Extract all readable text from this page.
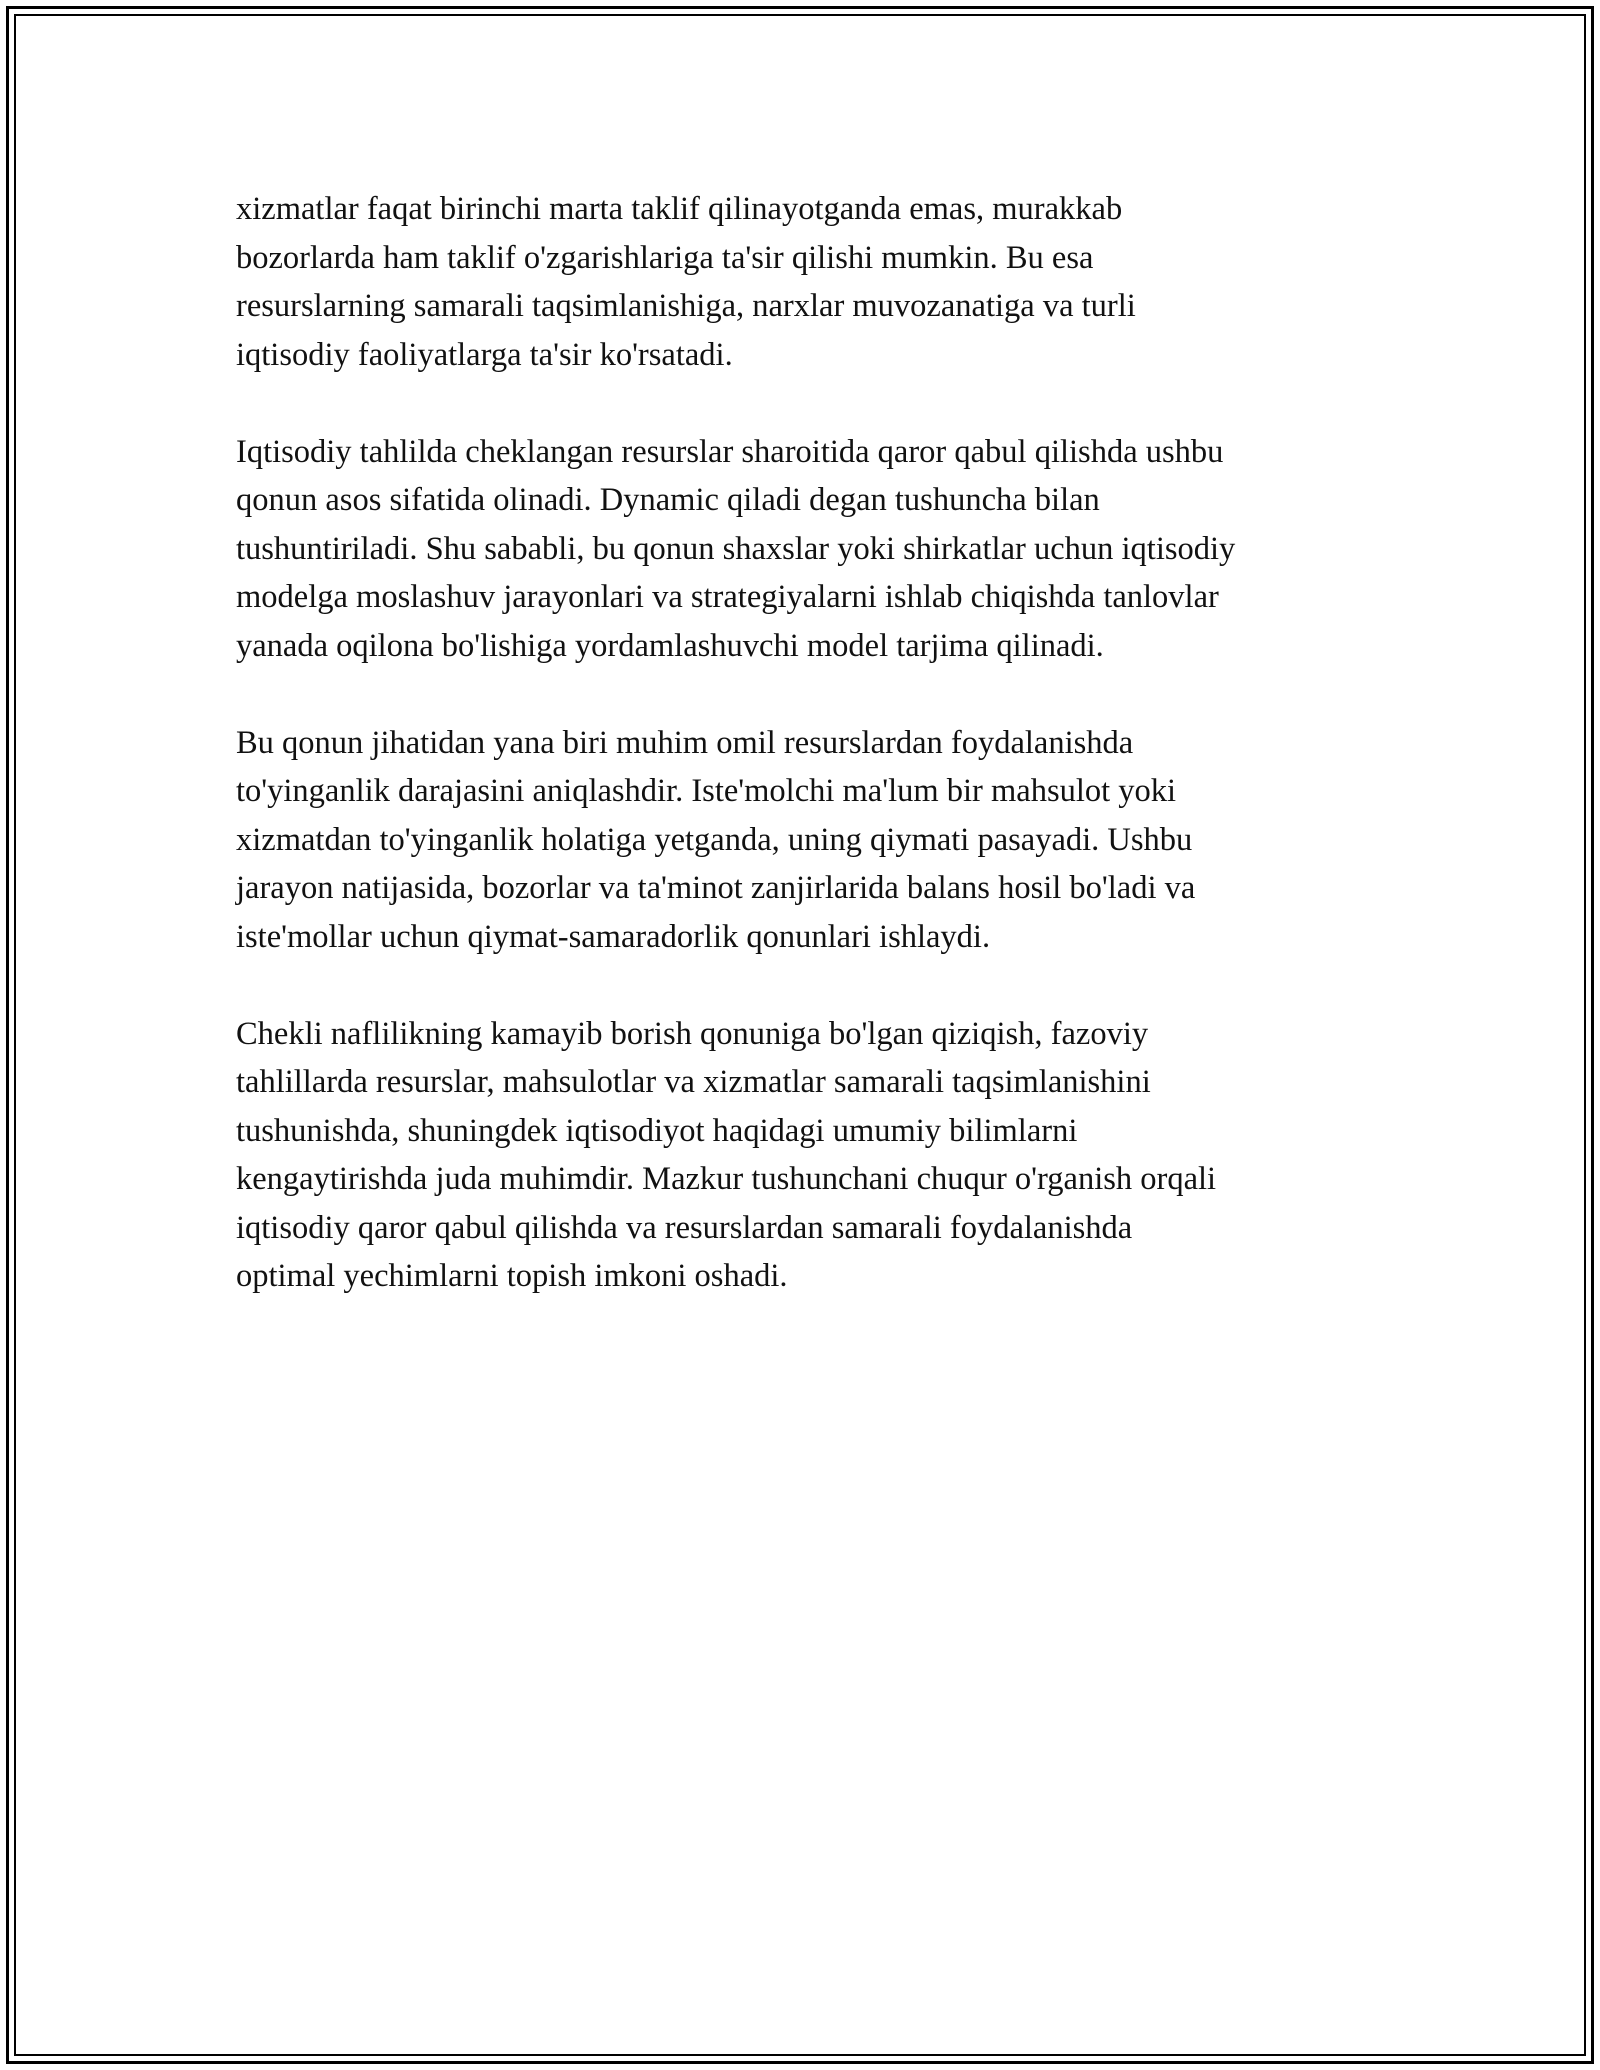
xizmatlar faqat birinchi marta taklif qilinayotganda emas, murakkab
bozorlarda ham taklif o'zgarishlariga ta'sir qilishi mumkin. Bu esa
resurslarning samarali taqsimlanishiga, narxlar muvozanatiga va turli
iqtisodiy faoliyatlarga ta'sir ko'rsatadi.

Iqtisodiy tahlilda cheklangan resurslar sharoitida qaror qabul qilishda ushbu
qonun asos sifatida olinadi. Dynamic qiladi degan tushuncha bilan
tushuntiriladi. Shu sababli, bu qonun shaxslar yoki shirkatlar uchun iqtisodiy
modelga moslashuv jarayonlari va strategiyalarni ishlab chiqishda tanlovlar
yanada oqilona bo'lishiga yordamlashuvchi model tarjima qilinadi.

Bu qonun jihatidan yana biri muhim omil resurslardan foydalanishda
to'yinganlik darajasini aniqlashdir. Iste'molchi ma'lum bir mahsulot yoki
xizmatdan to'yinganlik holatiga yetganda, uning qiymati pasayadi. Ushbu
jarayon natijasida, bozorlar va ta'minot zanjirlarida balans hosil bo'ladi va
iste'mollar uchun qiymat-samaradorlik qonunlari ishlaydi.

Chekli naflilikning kamayib borish qonuniga bo'lgan qiziqish, fazoviy
tahlillarda resurslar, mahsulotlar va xizmatlar samarali taqsimlanishini
tushunishda, shuningdek iqtisodiyot haqidagi umumiy bilimlarni
kengaytirishda juda muhimdir. Mazkur tushunchani chuqur o'rganish orqali
iqtisodiy qaror qabul qilishda va resurslardan samarali foydalanishda
optimal yechimlarni topish imkoni oshadi.
